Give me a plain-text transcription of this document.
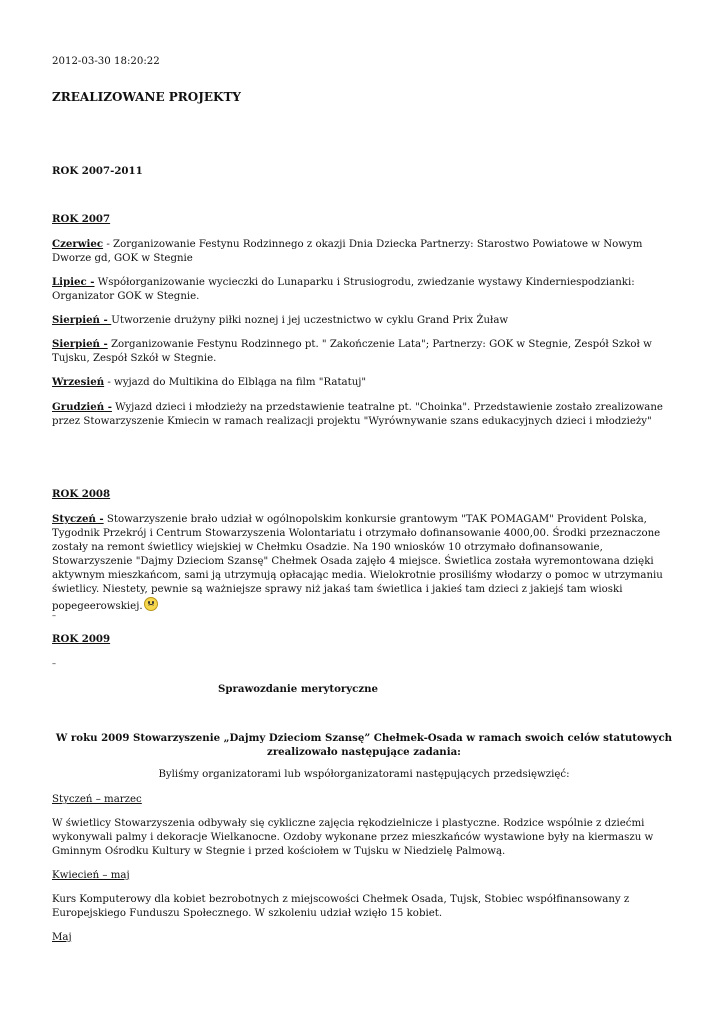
2012-03-30 18:20:22

ZREALIZOWANE PROJEKTY

ROK 2007-2011

ROK 2007

Czerwiec - Zorganizowanie Festynu Rodzinnego z okazji Dnia Dziecka Partnerzy: Starostwo Powiatowe w Nowym Dworze gd, GOK w Stegnie

Lipiec - Współorganizowanie wycieczki do Lunaparku i Strusiogrodu, zwiedzanie wystawy Kinderniespodzianki: Organizator GOK w Stegnie.

Sierpień - Utworzenie drużyny piłki noznej i jej uczestnictwo w cyklu Grand Prix Żuław

Sierpień - Zorganizowanie Festynu Rodzinnego pt. " Zakończenie Lata"; Partnerzy: GOK w Stegnie, Zespół Szkoł w Tujsku, Zespół Szkół w Stegnie.

Wrzesień - wyjazd do Multikina do Elbląga na film "Ratatuj"

Grudzień - Wyjazd dzieci i młodzieży na przedstawienie teatralne pt. "Choinka". Przedstawienie zostało zrealizowane przez Stowarzyszenie Kmiecin w ramach realizacji projektu "Wyrównywanie szans edukacyjnych dzieci i młodzieży"

ROK 2008

Styczeń - Stowarzyszenie brało udział w ogólnopolskim konkursie grantowym "TAK POMAGAM" Provident Polska, Tygodnik Przekrój i Centrum Stowarzyszenia Wolontariatu i otrzymało dofinansowanie 4000,00. Środki przeznaczone zostały na remont świetlicy wiejskiej w Chełmku Osadzie. Na 190 wniosków 10 otrzymało dofinansowanie, Stowarzyszenie "Dajmy Dzieciom Szansę" Chełmek Osada zajęło 4 miejsce. Świetlica została wyremontowana dzięki aktywnym mieszkańcom, sami ją utrzymują opłacając media. Wielokrotnie prosiliśmy włodarzy o pomoc w utrzymaniu świetlicy. Niestety, pewnie są ważniejsze sprawy niż jakaś tam świetlica i jakieś tam dzieci z jakiejś tam wioski popegeerowskiej.

–

ROK 2009

–

Sprawozdanie merytoryczne

W roku 2009 Stowarzyszenie „Dajmy Dzieciom Szansę” Chełmek-Osada w ramach swoich celów statutowych zrealizowało następujące zadania:

Byliśmy organizatorami lub współorganizatorami następujących przedsięwzięć:

Styczeń – marzec

W świetlicy Stowarzyszenia odbywały się cykliczne zajęcia rękodzielnicze i plastyczne. Rodzice wspólnie z dziećmi wykonywali palmy i dekoracje Wielkanocne. Ozdoby wykonane przez mieszkańców wystawione były na kiermaszu w Gminnym Ośrodku Kultury w Stegnie i przed kościołem w Tujsku w Niedzielę Palmową.

Kwiecień – maj

Kurs Komputerowy dla kobiet bezrobotnych z miejscowości Chełmek Osada, Tujsk, Stobiec współfinansowany z Europejskiego Funduszu Społecznego. W szkoleniu udział wzięło 15 kobiet.

Maj
